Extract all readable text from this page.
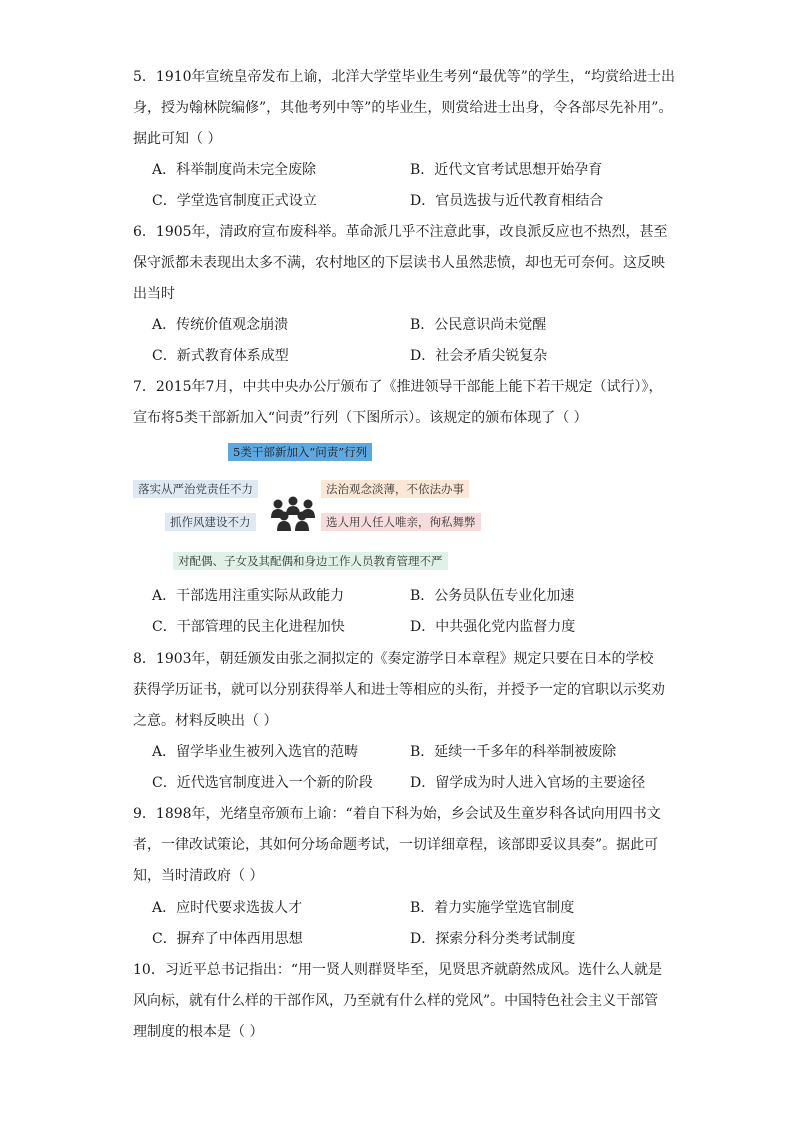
5．1910年宣统皇帝发布上谕，北洋大学堂毕业生考列“最优等”的学生，“均赏给进士出
身，授为翰林院编修”，其他考列中等”的毕业生，则赏给进士出身，令各部尽先补用”。
据此可知（ ）
A．科举制度尚未完全废除	B．近代文官考试思想开始孕育
C．学堂选官制度正式设立	D．官员选拔与近代教育相结合
6．1905年，清政府宣布废科举。革命派几乎不注意此事，改良派反应也不热烈，甚至
保守派都未表现出太多不满，农村地区的下层读书人虽然悲愤，却也无可奈何。这反映
出当时
A．传统价值观念崩溃	B．公民意识尚未觉醒
C．新式教育体系成型	D．社会矛盾尖锐复杂
7．2015年7月，中共中央办公厅颁布了《推进领导干部能上能下若干规定（试行）》，
宣布将5类干部新加入“问责”行列（下图所示）。该规定的颁布体现了（ ）
5类干部新加入“问责”行列
落实从严治党责任不力
抓作风建设不力
法治观念淡薄，不依法办事
选人用人任人唯亲，徇私舞弊
对配偶、子女及其配偶和身边工作人员教育管理不严
A．干部选用注重实际从政能力	B．公务员队伍专业化加速
C．干部管理的民主化进程加快	D．中共强化党内监督力度
8．1903年，朝廷颁发由张之洞拟定的《奏定游学日本章程》规定只要在日本的学校
获得学历证书，就可以分别获得举人和进士等相应的头衔，并授予一定的官职以示奖劝
之意。材料反映出（ ）
A．留学毕业生被列入选官的范畴	B．延续一千多年的科举制被废除
C．近代选官制度进入一个新的阶段	D．留学成为时人进入官场的主要途径
9．1898年，光绪皇帝颁布上谕：“着自下科为始，乡会试及生童岁科各试向用四书文
者，一律改试策论，其如何分场命题考试，一切详细章程，该部即妥议具奏”。据此可
知，当时清政府（ ）
A．应时代要求选拔人才	B．着力实施学堂选官制度
C．摒弃了中体西用思想	D．探索分科分类考试制度
10．习近平总书记指出：“用一贤人则群贤毕至，见贤思齐就蔚然成风。选什么人就是
风向标，就有什么样的干部作风，乃至就有什么样的党风”。中国特色社会主义干部管
理制度的根本是（ ）
